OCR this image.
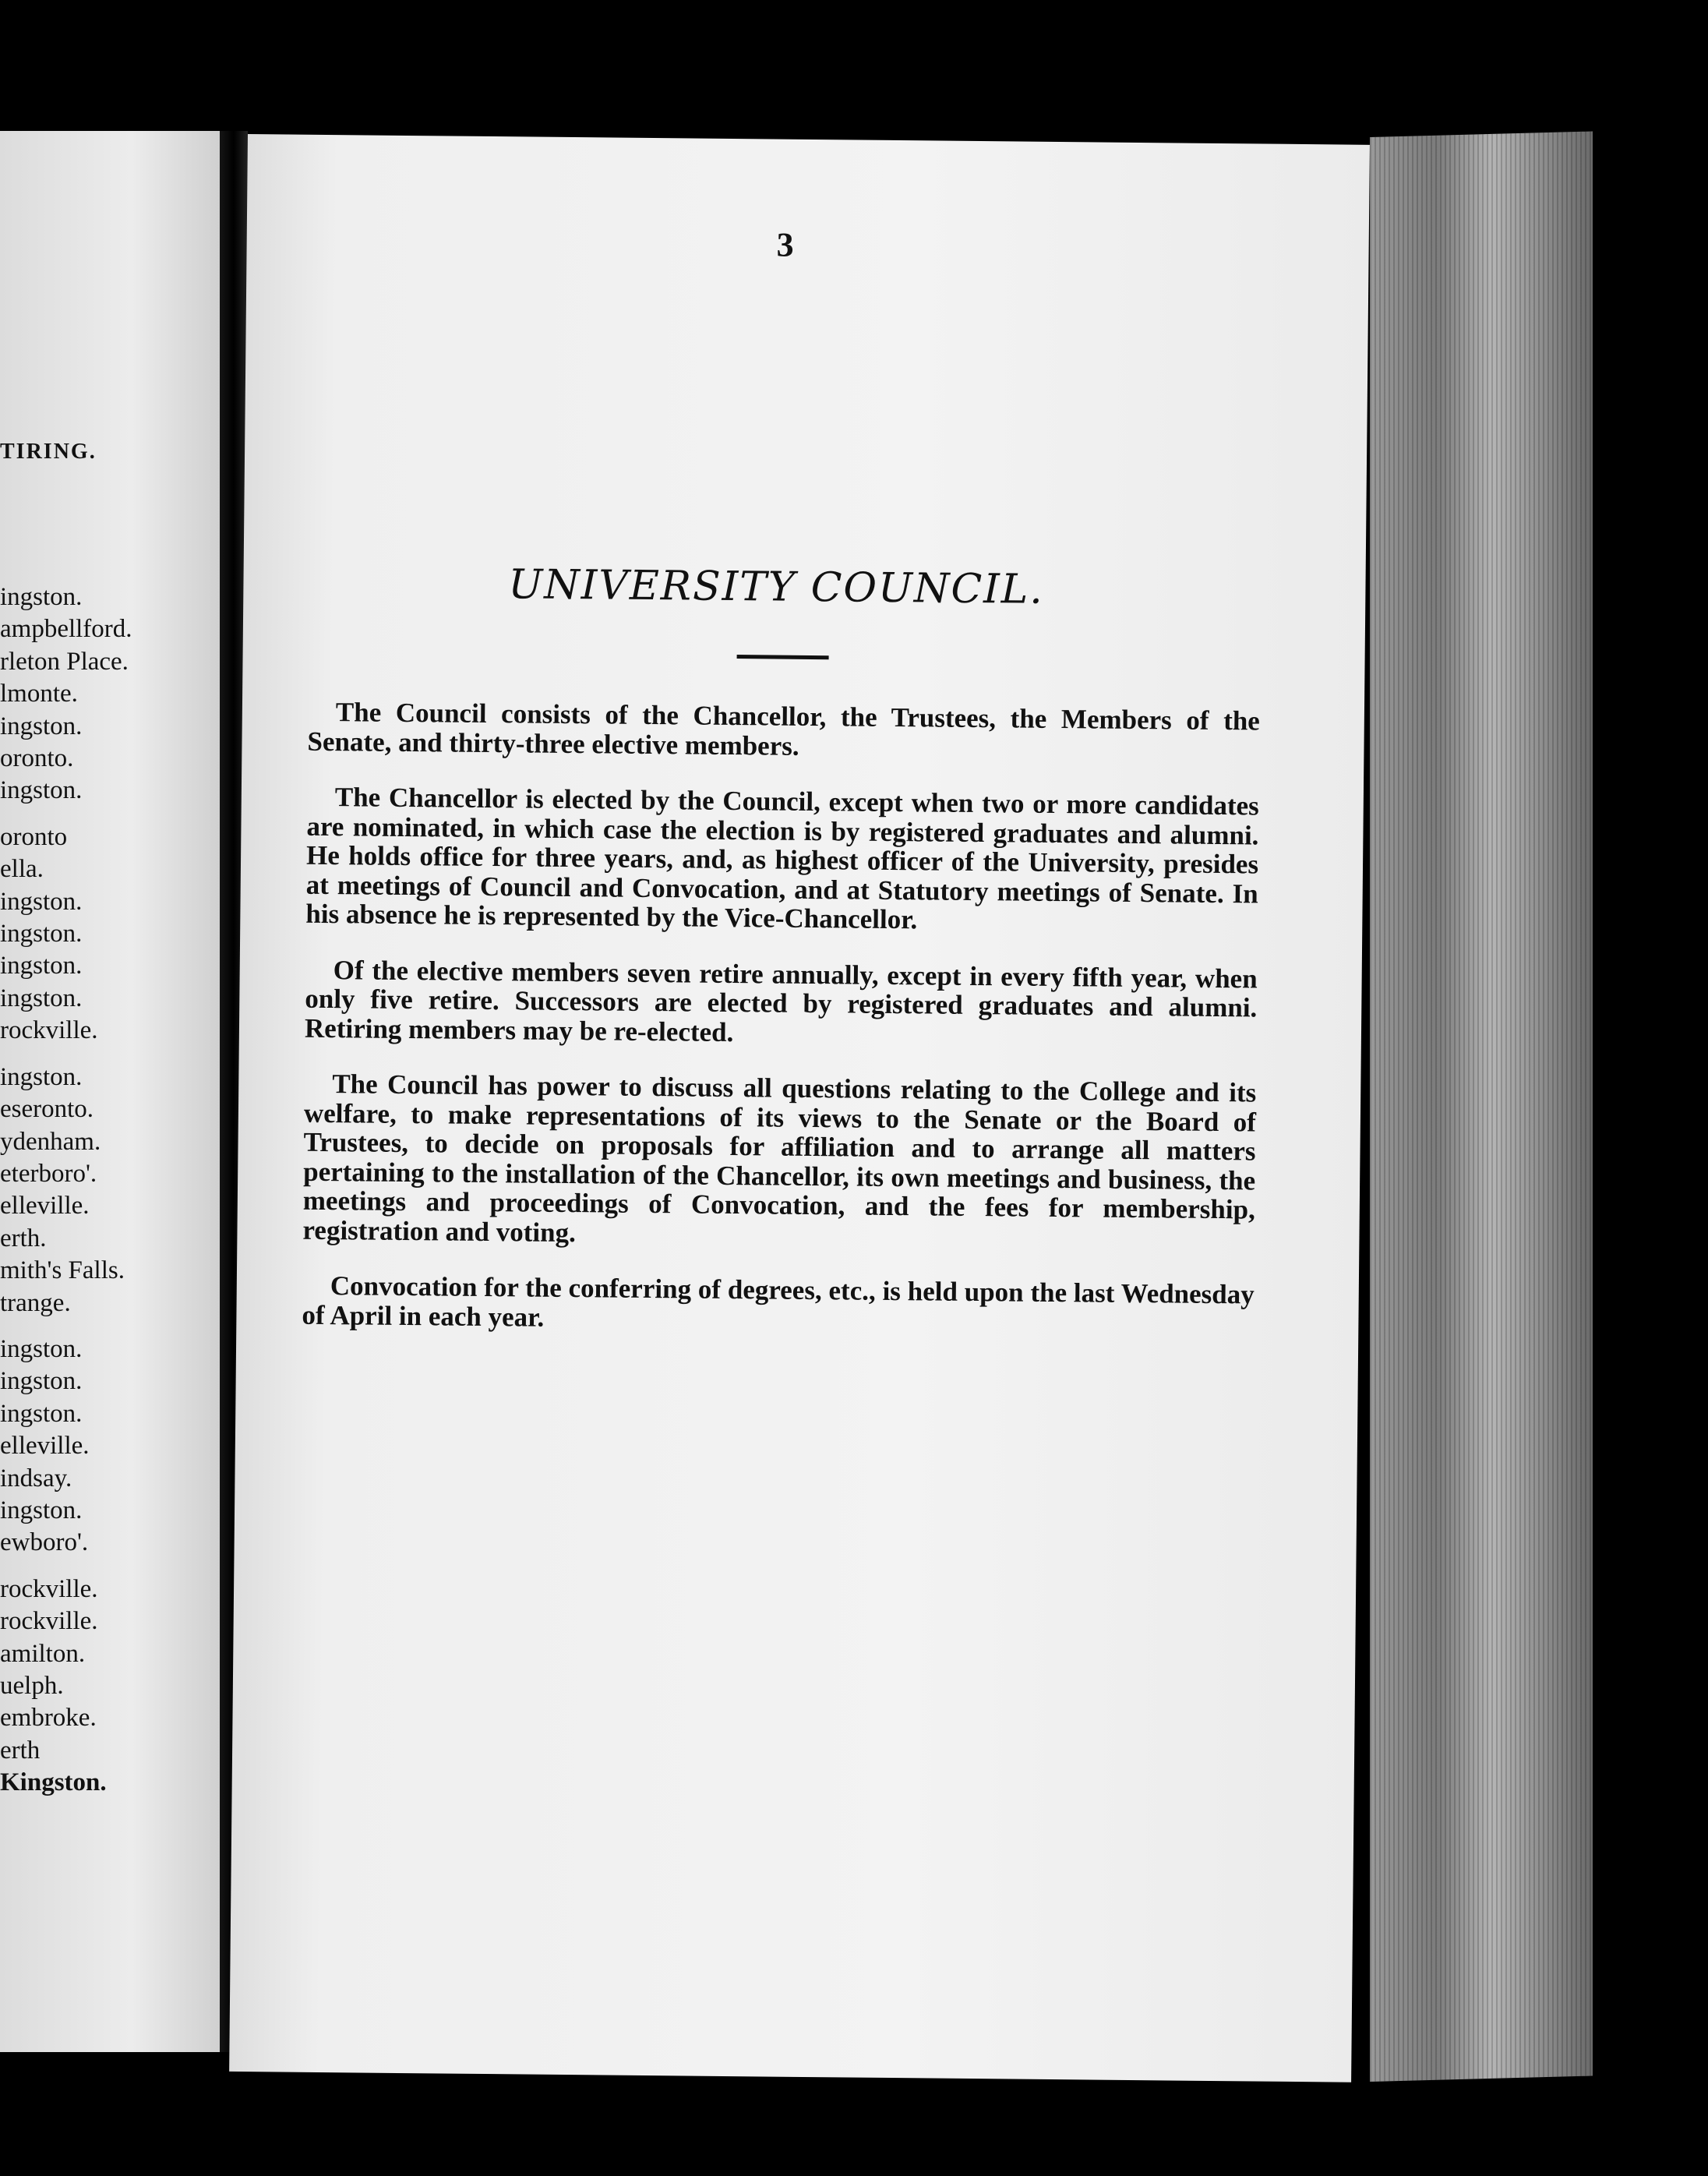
TIRING.
ingston.
ampbellford.
rleton Place.
lmonte.
ingston.
oronto.
ingston.
oronto
ella.
ingston.
ingston.
ingston.
ingston.
rockville.
ingston.
eseronto.
ydenham.
eterboro'.
elleville.
erth.
mith's Falls.
trange.
ingston.
ingston.
ingston.
elleville.
indsay.
ingston.
ewboro'.
rockville.
rockville.
amilton.
uelph.
embroke.
erth
Kingston.
3
UNIVERSITY COUNCIL.

The Council consists of the Chancellor, the Trustees, the Members of the Senate, and thirty-three elective members.

The Chancellor is elected by the Council, except when two or more candidates are nominated, in which case the election is by registered graduates and alumni. He holds office for three years, and, as highest officer of the University, presides at meetings of Council and Convocation, and at Statutory meetings of Senate. In his absence he is represented by the Vice-Chancellor.

Of the elective members seven retire annually, except in every fifth year, when only five retire. Successors are elected by registered graduates and alumni. Retiring members may be re-elected.

The Council has power to discuss all questions relating to the College and its welfare, to make representations of its views to the Senate or the Board of Trustees, to decide on proposals for affiliation and to arrange all matters pertaining to the installation of the Chancellor, its own meetings and business, the meetings and proceedings of Convocation, and the fees for membership, registration and voting.

Convocation for the conferring of degrees, etc., is held upon the last Wednesday of April in each year.
